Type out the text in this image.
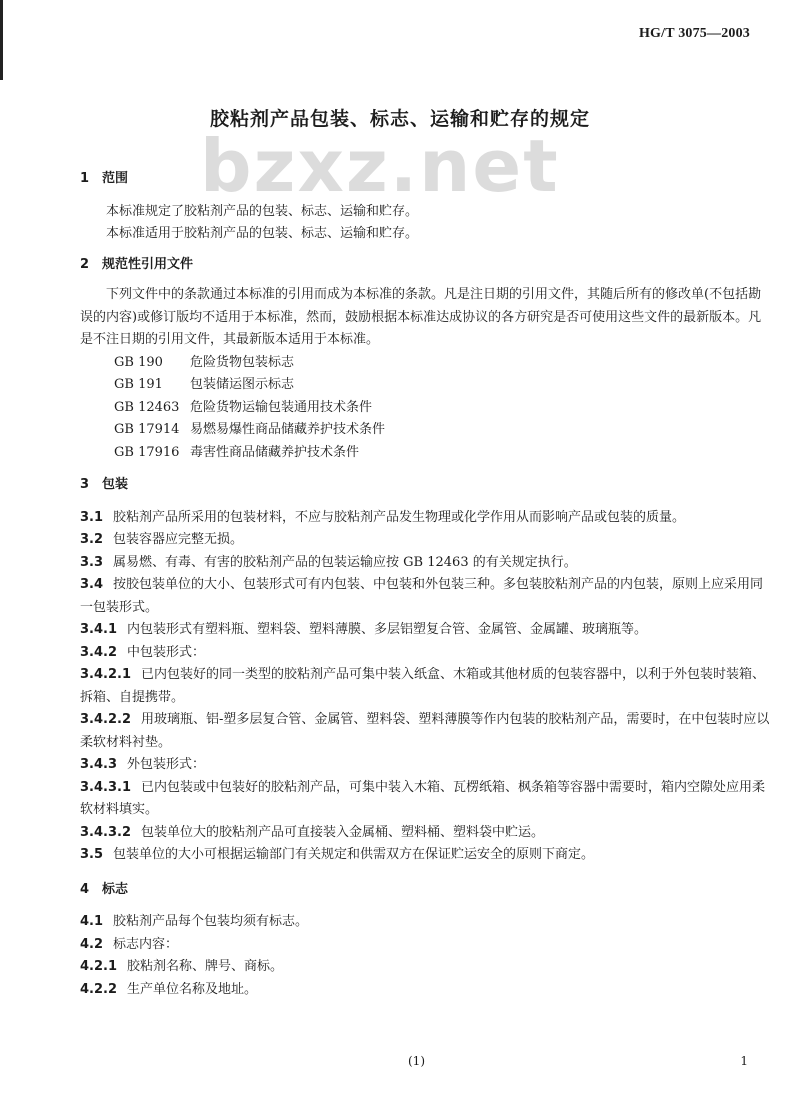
HG/T 3075—2003
胶粘剂产品包装、标志、运输和贮存的规定
bzxz.net

1　范围

本标准规定了胶粘剂产品的包装、标志、运输和贮存。

本标准适用于胶粘剂产品的包装、标志、运输和贮存。

2　规范性引用文件

下列文件中的条款通过本标准的引用而成为本标准的条款。凡是注日期的引用文件，其随后所有的修改单(不包括勘误的内容)或修订版均不适用于本标准，然而，鼓励根据本标准达成协议的各方研究是否可使用这些文件的最新版本。凡是不注日期的引用文件，其最新版本适用于本标准。

GB 190 危险货物包装标志

GB 191 包装储运图示标志

GB 12463 危险货物运输包装通用技术条件

GB 17914 易燃易爆性商品储藏养护技术条件

GB 17916 毒害性商品储藏养护技术条件

3　包装

3.1 胶粘剂产品所采用的包装材料，不应与胶粘剂产品发生物理或化学作用从而影响产品或包装的质量。

3.2 包装容器应完整无损。

3.3 属易燃、有毒、有害的胶粘剂产品的包装运输应按 GB 12463 的有关规定执行。

3.4 按胶包装单位的大小、包装形式可有内包装、中包装和外包装三种。多包装胶粘剂产品的内包装，原则上应采用同一包装形式。

3.4.1 内包装形式有塑料瓶、塑料袋、塑料薄膜、多层铝塑复合管、金属管、金属罐、玻璃瓶等。

3.4.2 中包装形式：

3.4.2.1 已内包装好的同一类型的胶粘剂产品可集中装入纸盒、木箱或其他材质的包装容器中，以利于外包装时装箱、拆箱、自提携带。

3.4.2.2 用玻璃瓶、铝-塑多层复合管、金属管、塑料袋、塑料薄膜等作内包装的胶粘剂产品，需要时，在中包装时应以柔软材料衬垫。

3.4.3 外包装形式：

3.4.3.1 已内包装或中包装好的胶粘剂产品，可集中装入木箱、瓦楞纸箱、枫条箱等容器中需要时，箱内空隙处应用柔软材料填实。

3.4.3.2 包装单位大的胶粘剂产品可直接装入金属桶、塑料桶、塑料袋中贮运。

3.5 包装单位的大小可根据运输部门有关规定和供需双方在保证贮运安全的原则下商定。

4　标志

4.1 胶粘剂产品每个包装均须有标志。

4.2 标志内容：

4.2.1 胶粘剂名称、牌号、商标。

4.2.2 生产单位名称及地址。

(1)	1
